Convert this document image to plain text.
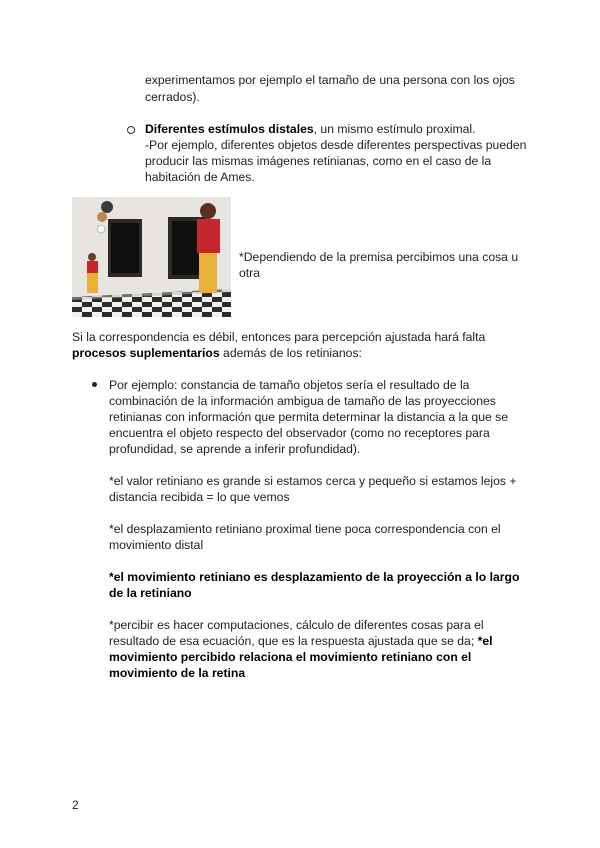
experimentamos por ejemplo el tamaño de una persona con los ojos

cerrados).

Diferentes estímulos distales, un mismo estímulo proximal.

-Por ejemplo, diferentes objetos desde diferentes perspectivas pueden

producir las mismas imágenes retinianas, como en el caso de la

habitación de Ames.

*Dependiendo de la premisa percibimos una cosa u

otra

Si la correspondencia es débil, entonces para percepción ajustada hará falta

procesos suplementarios además de los retinianos:

Por ejemplo: constancia de tamaño objetos sería el resultado de la

combinación de la información ambigua de tamaño de las proyecciones

retinianas con información que permita determinar la distancia a la que se

encuentra el objeto respecto del observador (como no receptores para

profundidad, se aprende a inferir profundidad).

*el valor retiniano es grande si estamos cerca y pequeño si estamos lejos +

distancia recibida = lo que vemos

*el desplazamiento retiniano proximal tiene poca correspondencia con el

movimiento distal

*el movimiento retiniano es desplazamiento de la proyección a lo largo

de la retiniano

*percibir es hacer computaciones, cálculo de diferentes cosas para el

resultado de esa ecuación, que es la respuesta ajustada que se da; *el

movimiento percibido relaciona el movimiento retiniano con el

movimiento de la retina

2
